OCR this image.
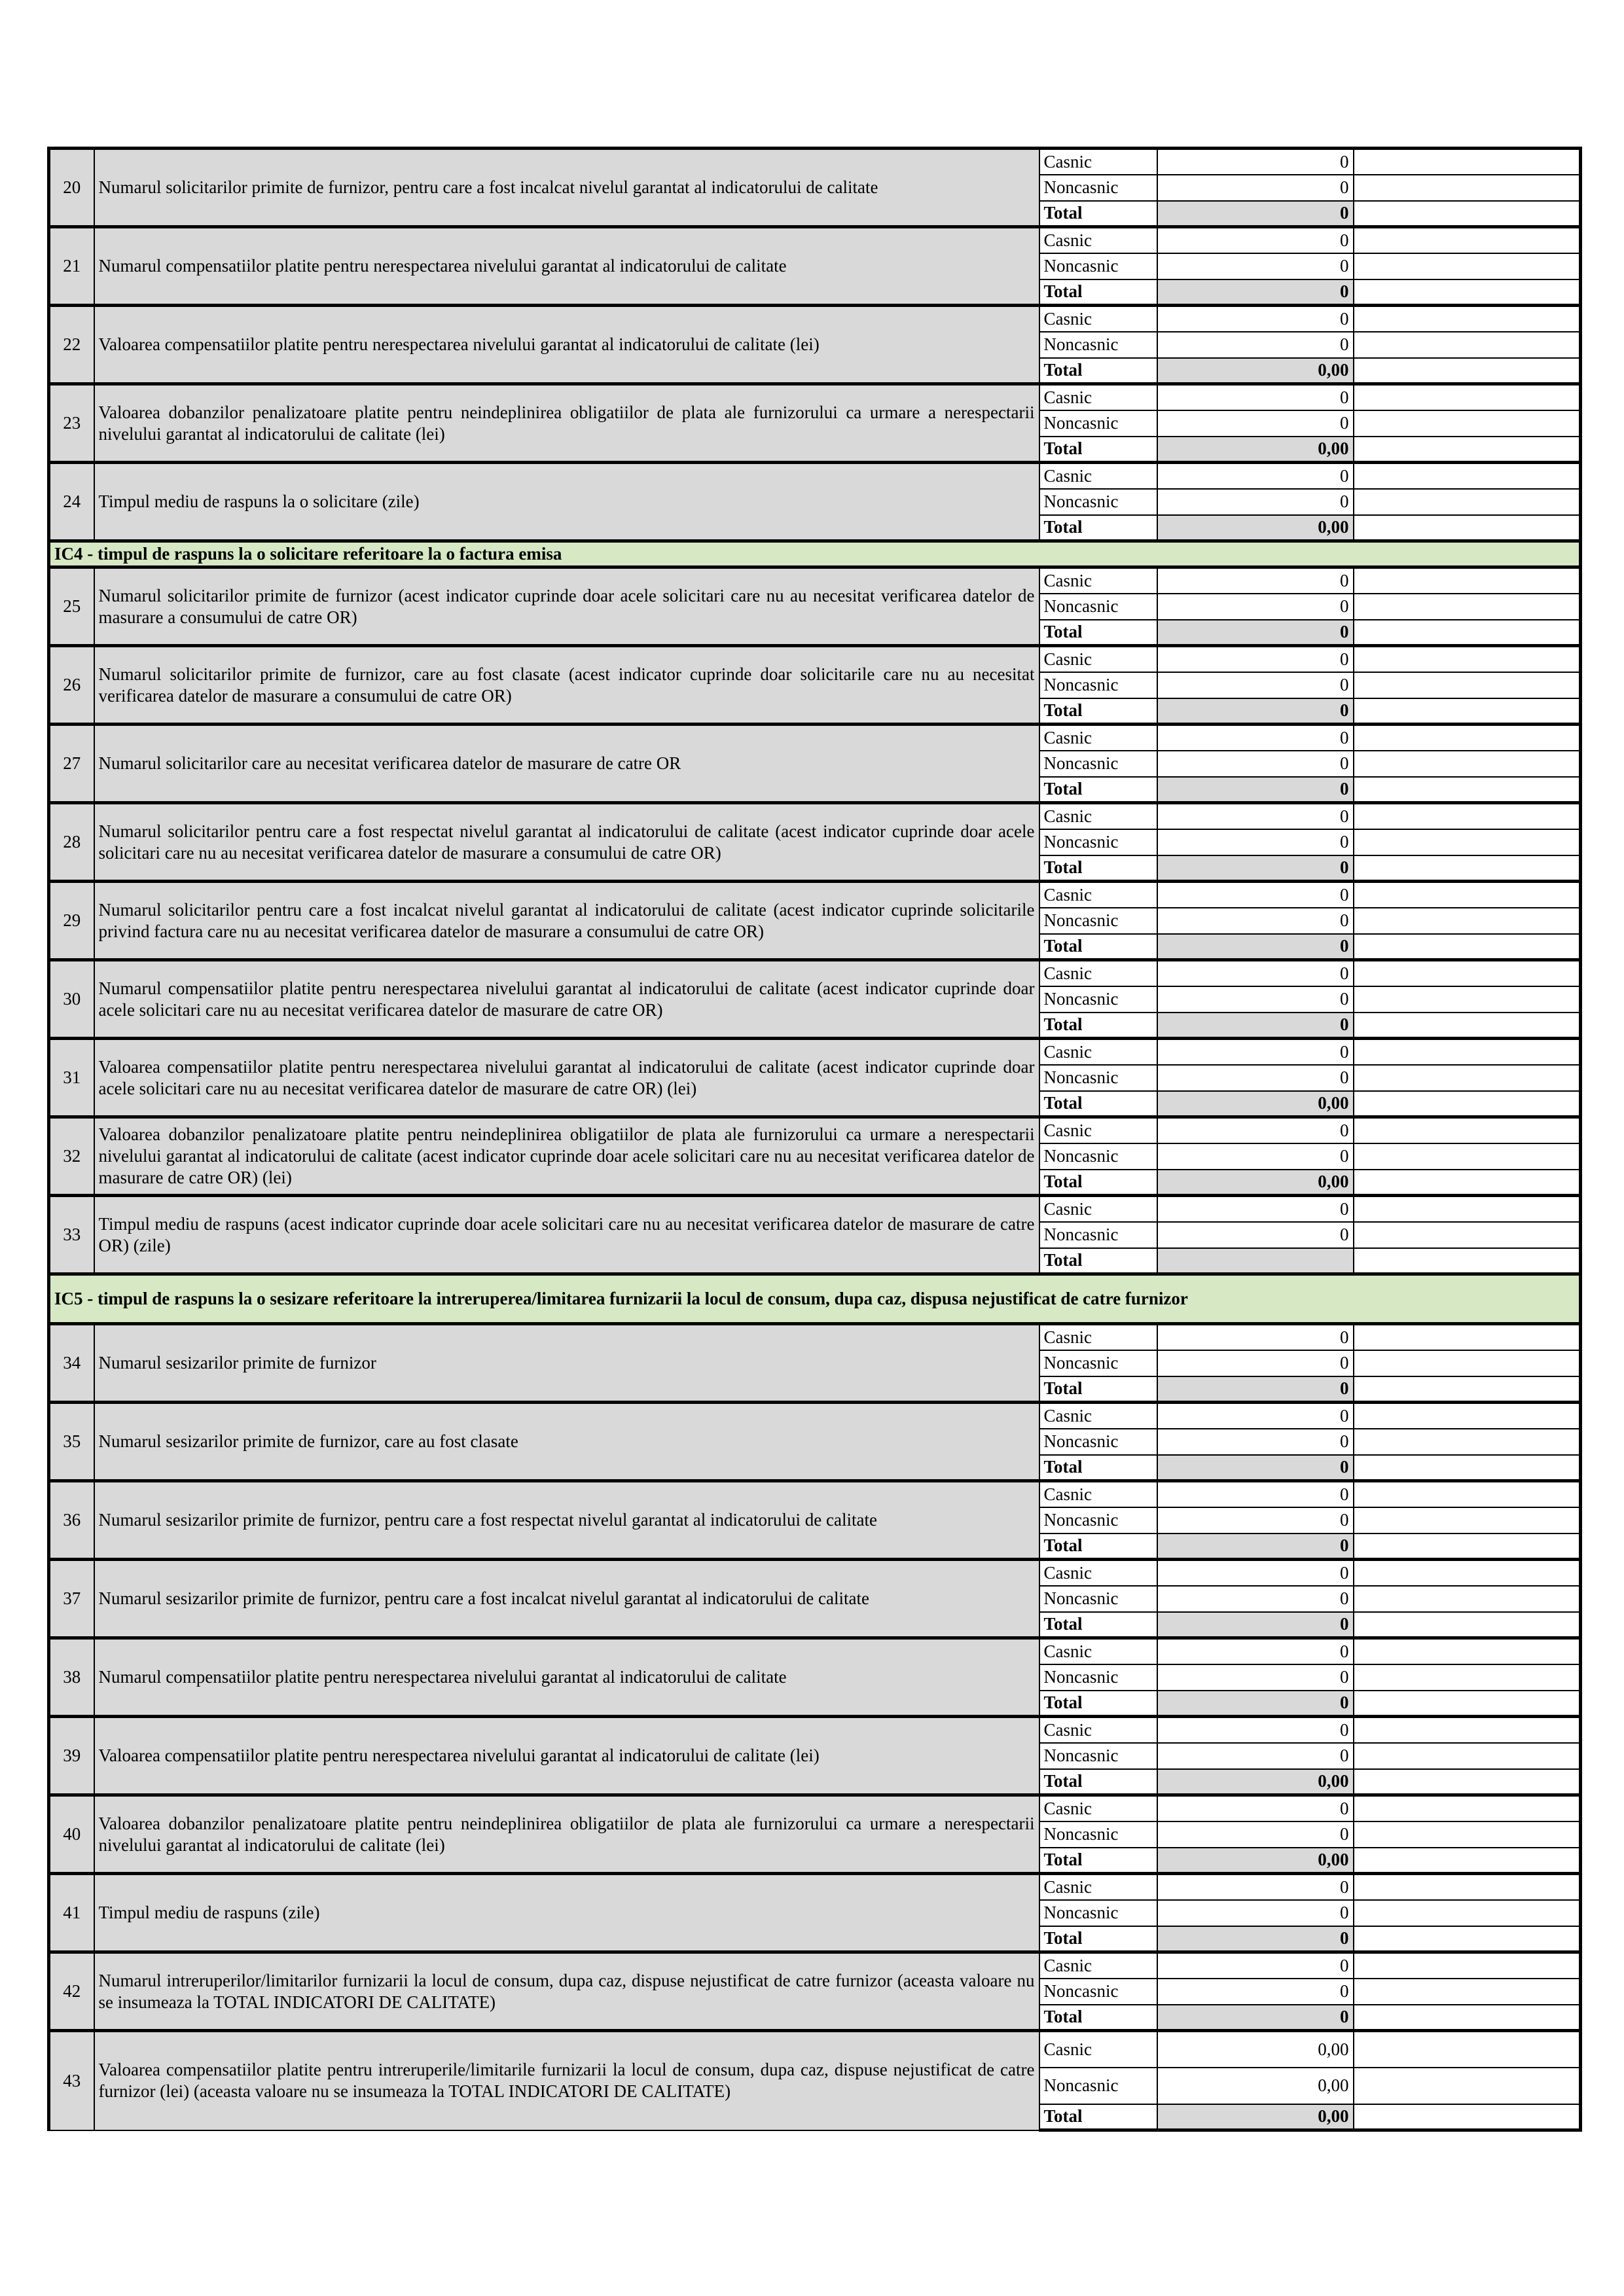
20	Numarul solicitarilor primite de furnizor, pentru care a fost incalcat nivelul garantat al indicatorului de calitate	Casnic	0	
		Noncasnic	0	
		Total	0	
21	Numarul compensatiilor platite pentru nerespectarea nivelului garantat al indicatorului de calitate	Casnic	0	
		Noncasnic	0	
		Total	0	
22	Valoarea compensatiilor platite pentru nerespectarea nivelului garantat al indicatorului de calitate (lei)	Casnic	0	
		Noncasnic	0	
		Total	0,00	
23	Valoarea dobanzilor penalizatoare platite pentru neindeplinirea obligatiilor de plata ale furnizorului ca urmare a nerespectarii nivelului garantat al indicatorului de calitate (lei)	Casnic	0	
		Noncasnic	0	
		Total	0,00	
24	Timpul mediu de raspuns la o solicitare (zile)	Casnic	0	
		Noncasnic	0	
		Total	0,00	
IC4 - timpul de raspuns la o solicitare referitoare la o factura emisa				
25	Numarul solicitarilor primite de furnizor (acest indicator cuprinde doar acele solicitari care nu au necesitat verificarea datelor de masurare a consumului de catre OR)	Casnic	0	
		Noncasnic	0	
		Total	0	
26	Numarul solicitarilor primite de furnizor, care au fost clasate (acest indicator cuprinde doar solicitarile care nu au necesitat verificarea datelor de masurare a consumului de catre OR)	Casnic	0	
		Noncasnic	0	
		Total	0	
27	Numarul solicitarilor care au necesitat verificarea datelor de masurare de catre OR	Casnic	0	
		Noncasnic	0	
		Total	0	
28	Numarul solicitarilor pentru care a fost respectat nivelul garantat al indicatorului de calitate (acest indicator cuprinde doar acele solicitari care nu au necesitat verificarea datelor de masurare a consumului de catre OR)	Casnic	0	
		Noncasnic	0	
		Total	0	
29	Numarul solicitarilor pentru care a fost incalcat nivelul garantat al indicatorului de calitate (acest indicator cuprinde solicitarile privind factura care nu au necesitat verificarea datelor de masurare a consumului de catre OR)	Casnic	0	
		Noncasnic	0	
		Total	0	
30	Numarul compensatiilor platite pentru nerespectarea nivelului garantat al indicatorului de calitate (acest indicator cuprinde doar acele solicitari care nu au necesitat verificarea datelor de masurare de catre OR)	Casnic	0	
		Noncasnic	0	
		Total	0	
31	Valoarea compensatiilor platite pentru nerespectarea nivelului garantat al indicatorului de calitate (acest indicator cuprinde doar acele solicitari care nu au necesitat verificarea datelor de masurare de catre OR) (lei)	Casnic	0	
		Noncasnic	0	
		Total	0,00	
32	Valoarea dobanzilor penalizatoare platite pentru neindeplinirea obligatiilor de plata ale furnizorului ca urmare a nerespectarii nivelului garantat al indicatorului de calitate (acest indicator cuprinde doar acele solicitari care nu au necesitat verificarea datelor de masurare de catre OR) (lei)	Casnic	0	
		Noncasnic	0	
		Total	0,00	
33	Timpul mediu de raspuns (acest indicator cuprinde doar acele solicitari care nu au necesitat verificarea datelor de masurare de catre OR) (zile)	Casnic	0	
		Noncasnic	0	
		Total		
IC5 - timpul de raspuns la o sesizare referitoare la intreruperea/limitarea furnizarii la locul de consum, dupa caz, dispusa nejustificat de catre furnizor				
34	Numarul sesizarilor primite de furnizor	Casnic	0	
		Noncasnic	0	
		Total	0	
35	Numarul sesizarilor primite de furnizor, care au fost clasate	Casnic	0	
		Noncasnic	0	
		Total	0	
36	Numarul sesizarilor primite de furnizor, pentru care a fost respectat nivelul garantat al indicatorului de calitate	Casnic	0	
		Noncasnic	0	
		Total	0	
37	Numarul sesizarilor primite de furnizor, pentru care a fost incalcat nivelul garantat al indicatorului de calitate	Casnic	0	
		Noncasnic	0	
		Total	0	
38	Numarul compensatiilor platite pentru nerespectarea nivelului garantat al indicatorului de calitate	Casnic	0	
		Noncasnic	0	
		Total	0	
39	Valoarea compensatiilor platite pentru nerespectarea nivelului garantat al indicatorului de calitate (lei)	Casnic	0	
		Noncasnic	0	
		Total	0,00	
40	Valoarea dobanzilor penalizatoare platite pentru neindeplinirea obligatiilor de plata ale furnizorului ca urmare a nerespectarii nivelului garantat al indicatorului de calitate (lei)	Casnic	0	
		Noncasnic	0	
		Total	0,00	
41	Timpul mediu de raspuns (zile)	Casnic	0	
		Noncasnic	0	
		Total	0	
42	Numarul intreruperilor/limitarilor furnizarii la locul de consum, dupa caz, dispuse nejustificat de catre furnizor (aceasta valoare nu se insumeaza la TOTAL INDICATORI DE CALITATE)	Casnic	0	
		Noncasnic	0	
		Total	0	
43	Valoarea compensatiilor platite pentru intreruperile/limitarile furnizarii la locul de consum, dupa caz, dispuse nejustificat de catre furnizor (lei) (aceasta valoare nu se insumeaza la TOTAL INDICATORI DE CALITATE)	Casnic	0,00	
		Noncasnic	0,00	
		Total	0,00	
